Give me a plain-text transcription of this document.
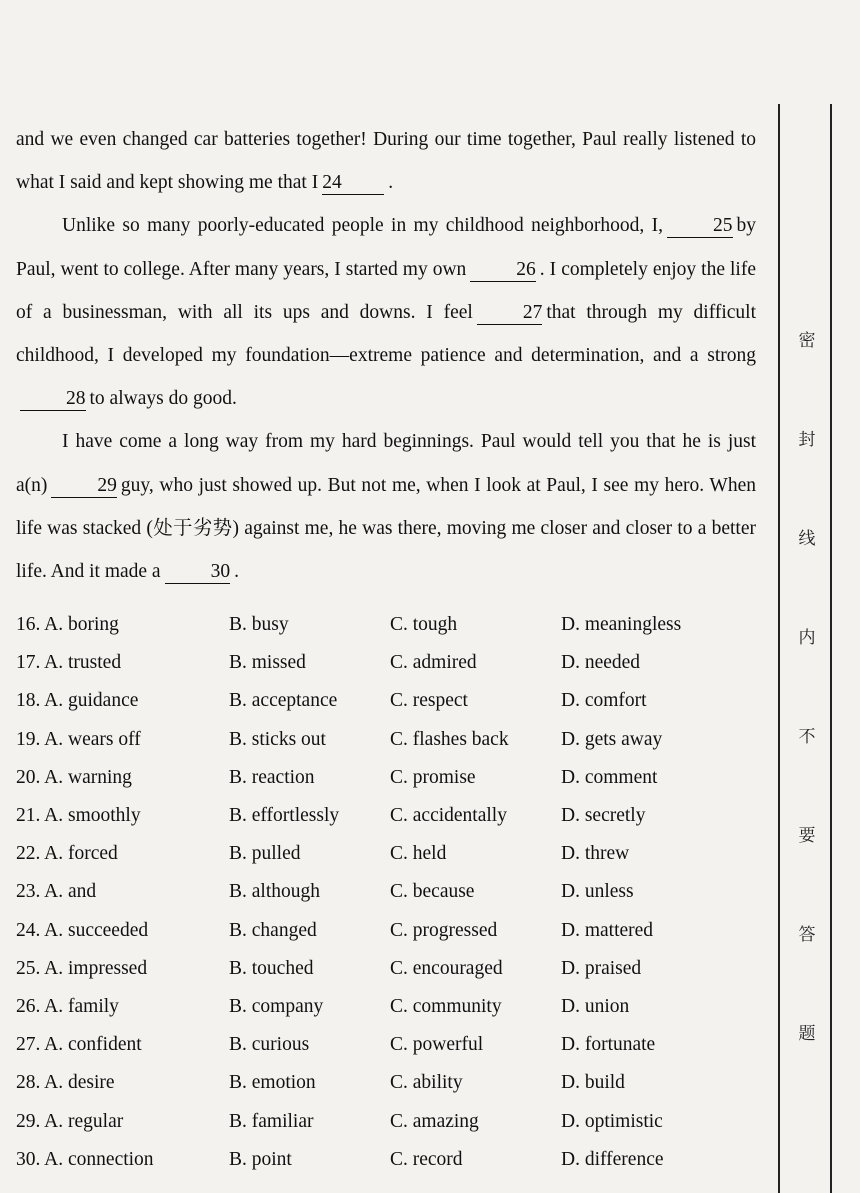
and we even changed car batteries together! During our time together, Paul really listened to what I said and kept showing me that I 24 .

Unlike so many poorly-educated people in my childhood neighborhood, I,	25 by Paul, went to college. After many years, I started my own	26 . I completely enjoy the life of a businessman, with all its ups and downs. I feel	27 that through my difficult childhood, I developed my foundation—extreme patience and determination, and a strong28 to always do good.

I have come a long way from my hard beginnings. Paul would tell you that he is just a(n)	29 guy, who just showed up. But not me, when I look at Paul, I see my hero. When life was stacked (处于劣势) against me, he was there, moving me closer and closer to a better life. And it made a	30 .

16. A. boring	B. busy	C. tough	D. meaningless
17. A. trusted	B. missed	C. admired	D. needed
18. A. guidance	B. acceptance	C. respect	D. comfort
19. A. wears off	B. sticks out	C. flashes back	D. gets away
20. A. warning	B. reaction	C. promise	D. comment
21. A. smoothly	B. effortlessly	C. accidentally	D. secretly
22. A. forced	B. pulled	C. held	D. threw
23. A. and	B. although	C. because	D. unless
24. A. succeeded	B. changed	C. progressed	D. mattered
25. A. impressed	B. touched	C. encouraged	D. praised
26. A. family	B. company	C. community	D. union
27. A. confident	B. curious	C. powerful	D. fortunate
28. A. desire	B. emotion	C. ability	D. build
29. A. regular	B. familiar	C. amazing	D. optimistic
30. A. connection	B. point	C. record	D. difference
密
封
线
内
不
要
答
题
